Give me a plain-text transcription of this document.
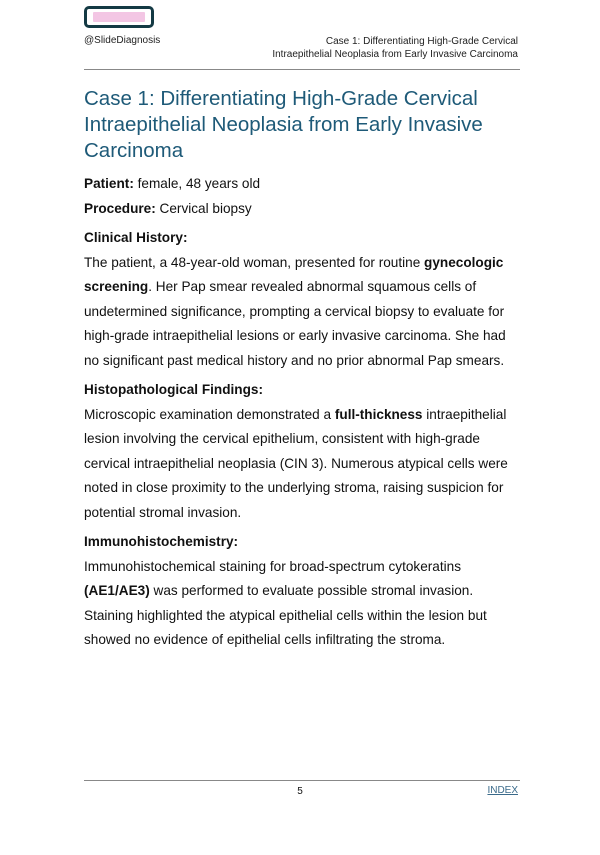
@SlideDiagnosis	Case 1: Differentiating High-Grade Cervical
Intraepithelial Neoplasia from Early Invasive Carcinoma
Case 1: Differentiating High-Grade Cervical Intraepithelial Neoplasia from Early Invasive Carcinoma

Patient: female, 48 years old

Procedure: Cervical biopsy

Clinical History:

The patient, a 48-year-old woman, presented for routine gynecologic screening. Her Pap smear revealed abnormal squamous cells of undetermined significance, prompting a cervical biopsy to evaluate for high-grade intraepithelial lesions or early invasive carcinoma. She had no significant past medical history and no prior abnormal Pap smears.

Histopathological Findings:

Microscopic examination demonstrated a full-thickness intraepithelial lesion involving the cervical epithelium, consistent with high-grade cervical intraepithelial neoplasia (CIN 3). Numerous atypical cells were noted in close proximity to the underlying stroma, raising suspicion for potential stromal invasion.

Immunohistochemistry:

Immunohistochemical staining for broad-spectrum cytokeratins (AE1/AE3) was performed to evaluate possible stromal invasion. Staining highlighted the atypical epithelial cells within the lesion but showed no evidence of epithelial cells infiltrating the stroma.

5	INDEX
